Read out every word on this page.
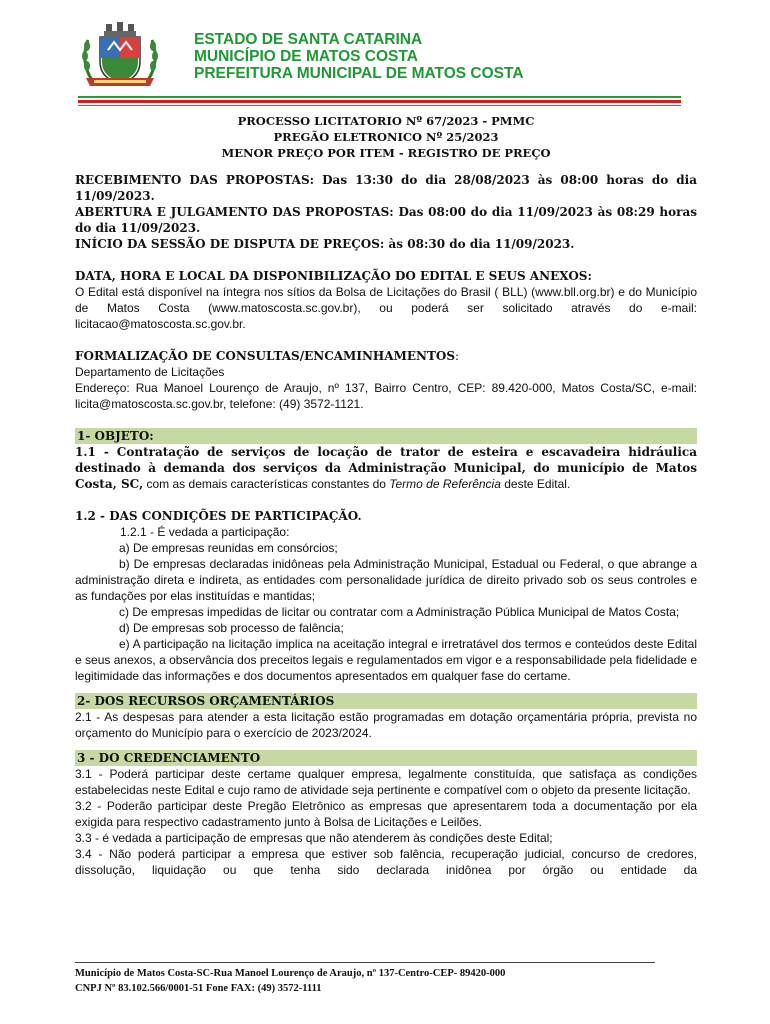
ESTADO DE SANTA CATARINA
MUNICÍPIO DE MATOS COSTA
PREFEITURA MUNICIPAL DE MATOS COSTA
PROCESSO LICITATORIO Nº 67/2023 - PMMC
PREGÃO ELETRONICO Nº 25/2023
MENOR PREÇO POR ITEM - REGISTRO DE PREÇO

RECEBIMENTO DAS PROPOSTAS: Das 13:30 do dia 28/08/2023 às 08:00 horas do dia 11/09/2023.

ABERTURA E JULGAMENTO DAS PROPOSTAS: Das 08:00 do dia 11/09/2023 às 08:29 horas do dia 11/09/2023.

INÍCIO DA SESSÃO DE DISPUTA DE PREÇOS: às 08:30 do dia 11/09/2023.

DATA, HORA E LOCAL DA DISPONIBILIZAÇÃO DO EDITAL E SEUS ANEXOS:

O Edital está disponível na íntegra nos sítios da Bolsa de Licitações do Brasil ( BLL) (www.bll.org.br) e do Município de Matos Costa (www.matoscosta.sc.gov.br), ou poderá ser solicitado através do e-mail: licitacao@matoscosta.sc.gov.br.

FORMALIZAÇÃO DE CONSULTAS/ENCAMINHAMENTOS:

Departamento de Licitações

Endereço: Rua Manoel Lourenço de Araujo, nº 137, Bairro Centro, CEP: 89.420-000, Matos Costa/SC, e-mail: licita@matoscosta.sc.gov.br, telefone: (49) 3572-1121.

1- OBJETO:

1.1 - Contratação de serviços de locação de trator de esteira e escavadeira hidráulica destinado à demanda dos serviços da Administração Municipal, do município de Matos Costa, SC, com as demais características constantes do Termo de Referência deste Edital.

1.2 - DAS CONDIÇÕES DE PARTICIPAÇÃO.

1.2.1 - É vedada a participação:

a) De empresas reunidas em consórcios;

b) De empresas declaradas inidôneas pela Administração Municipal, Estadual ou Federal, o que abrange a administração direta e indireta, as entidades com personalidade jurídica de direito privado sob os seus controles e as fundações por elas instituídas e mantidas;

c) De empresas impedidas de licitar ou contratar com a Administração Pública Municipal de Matos Costa;

d) De empresas sob processo de falência;

e) A participação na licitação implica na aceitação integral e irretratável dos termos e conteúdos deste Edital e seus anexos, a observância dos preceitos legais e regulamentados em vigor e a responsabilidade pela fidelidade e legitimidade das informações e dos documentos apresentados em qualquer fase do certame.

2- DOS RECURSOS ORÇAMENTÁRIOS

2.1 - As despesas para atender a esta licitação estão programadas em dotação orçamentária própria, prevista no orçamento do Município para o exercício de 2023/2024.

3 - DO CREDENCIAMENTO

3.1 - Poderá participar deste certame qualquer empresa, legalmente constituída, que satisfaça as condições estabelecidas neste Edital e cujo ramo de atividade seja pertinente e compatível com o objeto da presente licitação.

3.2 - Poderão participar deste Pregão Eletrônico as empresas que apresentarem toda a documentação por ela exigida para respectivo cadastramento junto à Bolsa de Licitações e Leilões.

3.3 - é vedada a participação de empresas que não atenderem às condições deste Edital;

3.4 - Não poderá participar a empresa que estiver sob falência, recuperação judicial, concurso de credores, dissolução, liquidação ou que tenha sido declarada inidônea por órgão ou entidade da

Município de Matos Costa-SC-Rua Manoel Lourenço de Araujo, nº 137-Centro-CEP- 89420-000
CNPJ Nº 83.102.566/0001-51 Fone FAX: (49) 3572-1111
